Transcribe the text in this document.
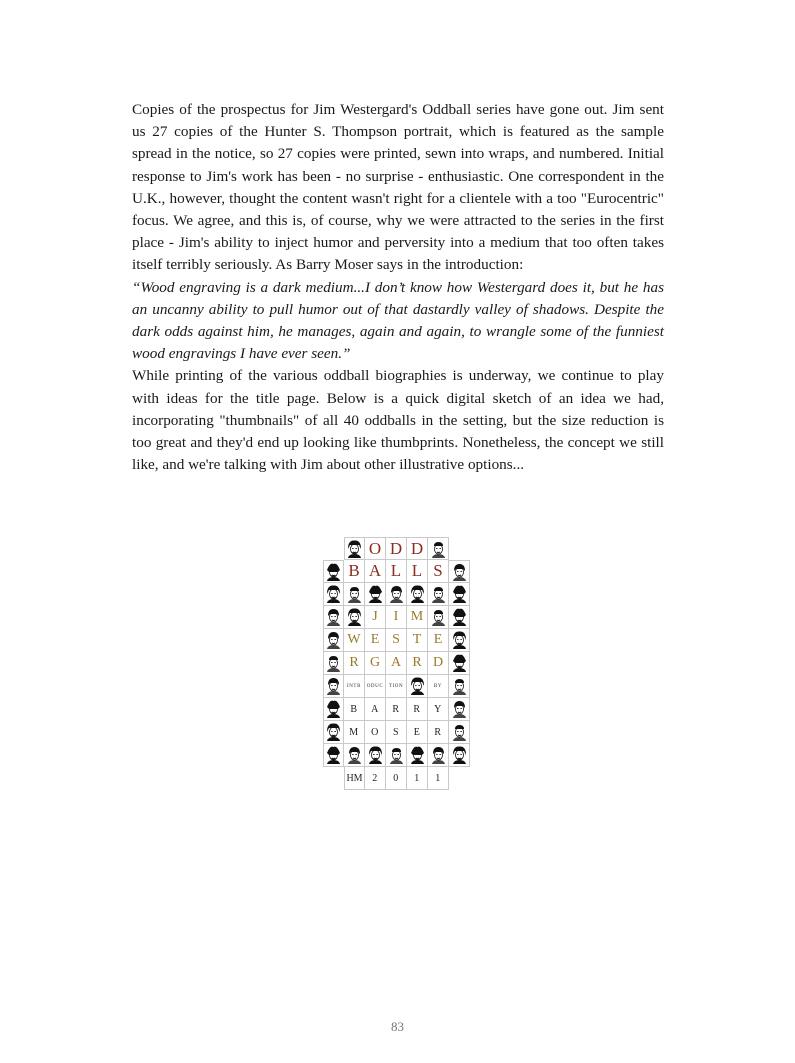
Copies of the prospectus for Jim Westergard's Oddball series have gone out. Jim sent us 27 copies of the Hunter S. Thompson portrait, which is featured as the sample spread in the notice, so 27 copies were printed, sewn into wraps, and numbered. Initial response to Jim's work has been - no surprise - enthusiastic. One correspondent in the U.K., however, thought the content wasn't right for a clientele with a too "Eurocentric" focus. We agree, and this is, of course, why we were attracted to the series in the first place - Jim's ability to inject humor and perversity into a medium that too often takes itself terribly seriously. As Barry Moser says in the introduction:

“Wood engraving is a dark medium...I don’t know how Westergard does it, but he has an uncanny ability to pull humor out of that dastardly valley of shadows. Despite the dark odds against him, he manages, again and again, to wrangle some of the funniest wood engravings I have ever seen.”

While printing of the various oddball biographies is underway, we continue to play with ideas for the title page. Below is a quick digital sketch of an idea we had, incorporating "thumbnails" of all 40 oddballs in the setting, but the size reduction is too great and they'd end up looking like thumbprints. Nonetheless, the concept we still like, and we're talking with Jim about other illustrative options...

O D D
B A L L S
J I M
W E S T E
R G A R D
INTR ODUC TION	BY
B A R R Y
M O S E R
HM 2 0 1 1
83
